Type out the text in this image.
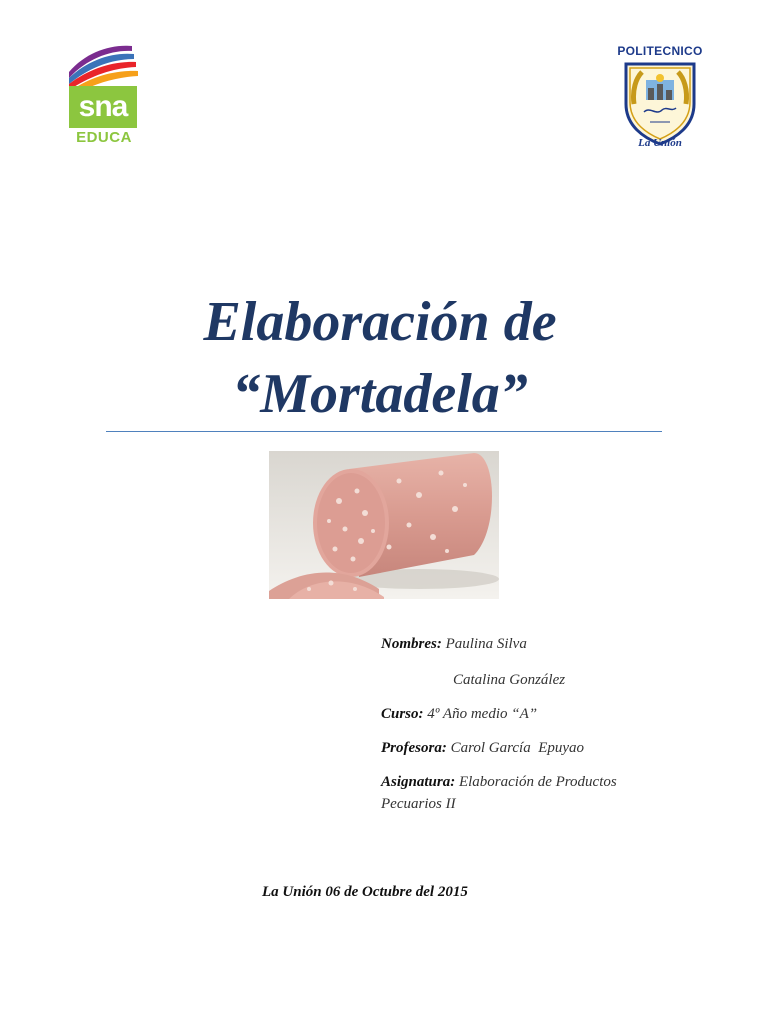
sna
EDUCA
POLITECNICO
La Unión
Elaboración de
“Mortadela”
Nombres: Paulina Silva
Catalina González
Curso: 4º Año medio “A”
Profesora: Carol García  Epuyao
Asignatura: Elaboración de Productos
Pecuarios II
La Unión 06 de Octubre del 2015
